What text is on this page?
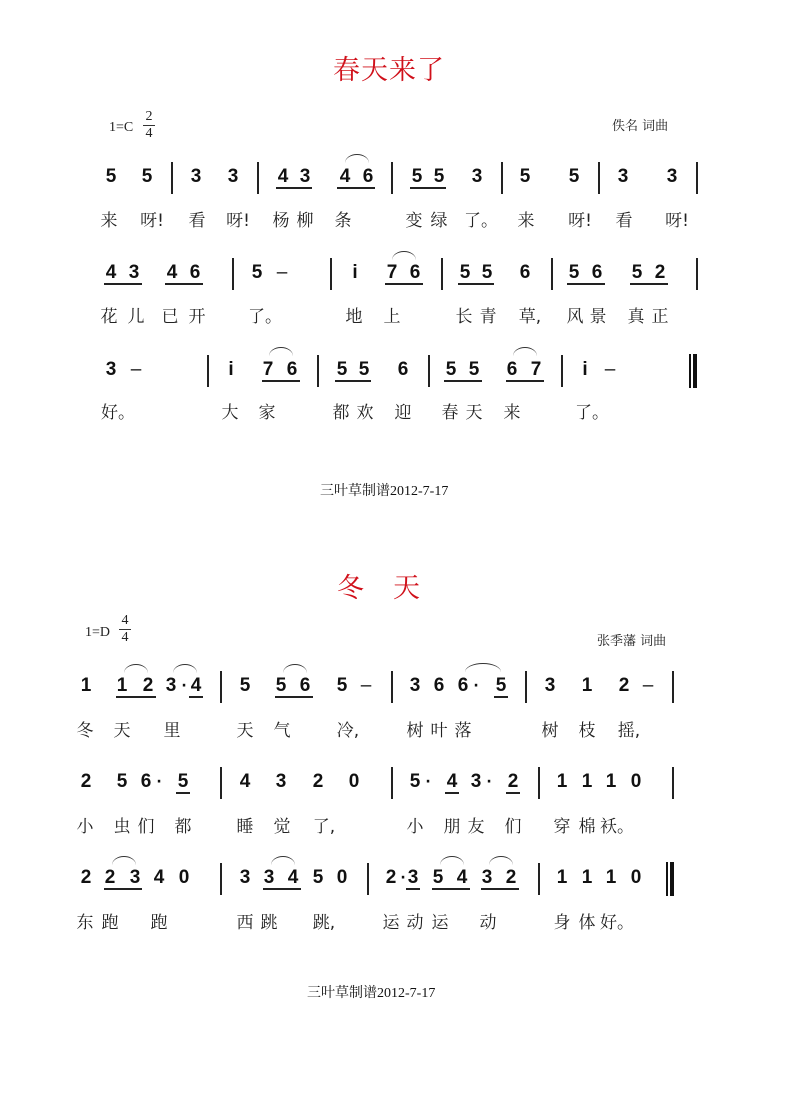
春天来了
1=C
2
4	佚名 词曲
5 5 3 3 4 3 4 6 5 5 3 5 5 3 3
来 呀! 看 呀! 杨 柳 条	变 绿 了。 来 呀! 看 呀!
4 3 4 6	5 –	i 7 6 5 5 6 5 6 5 2
花 儿 已 开	了。	地 上	长 青 草, 风 景 真 正
3 –	i 7 6 5 5 6 5 5 6 7 i –
好。	大 家	都 欢 迎 春 天 来	了。
三叶草制谱2012-7-17
冬　天
1=D
4
4	张季藩 词曲
1 1 2 3 · 4 5 5 6 5 – 3 6 6 · 5 3 1 2 –
冬 天 里	天 气	冷,	树 叶 落	树 枝 摇,
2 5 6 · 5	4 3 2 0	5 · 4 3 · 2 1 1 1 0
小 虫 们 都	睡 觉 了,	小 朋 友 们 穿 棉 袄。
2 2 3 4 0	3 3 4 5 0 2 · 3 5 4 3 2 1 1 1 0
东 跑 跑	西 跳 跳,	运 动 运 动	身 体 好。
三叶草制谱2012-7-17
